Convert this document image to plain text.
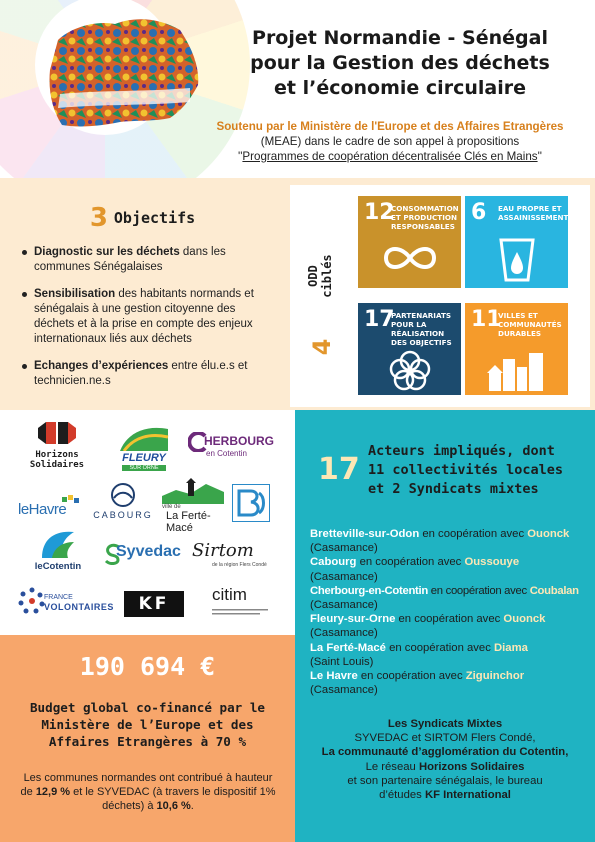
Projet Normandie - Sénégal
pour la Gestion des déchets
et l’économie circulaire
Soutenu par le Ministère de l'Europe et des Affaires Etrangères
(MEAE) dans le cadre de son appel à propositions
''Programmes de coopération décentralisée Clés en Mains''
3 Objectifs
Diagnostic sur les déchets dans les communes Sénégalaises
Sensibilisation des habitants normands et sénégalais à une gestion citoyenne des déchets et à la prise en compte des enjeux internationaux liés aux déchets
Echanges d’expériences entre élu.e.s et technicien.ne.s
ODD ciblés
4
12
CONSOMMATION ET PRODUCTION RESPONSABLES
6 EAU PROPRE ET ASSAINISSEMENT
17
PARTENARIATS POUR LA RÉALISATION DES OBJECTIFS
11
VILLES ET COMMUNAUTÉS DURABLES
Horizons
Solidaires
FLEURY
SUR ORNE
HERBOURG
en Cotentin
leHavre	CABOURG
ville de
La Ferté-Macé
leCotentin
Syvedac Sirtom
de la région Flers Condé
FRANCE
VOLONTAIRES	KF	citim
190 694 €
Budget global co-financé par le Ministère de l’Europe et des Affaires Etrangères à 70 %
Les communes normandes ont contribué à hauteur de 12,9 % et le SYVEDAC (à travers le dispositif 1% déchets) à 10,6 %.
17
Acteurs impliqués, dont
11 collectivités locales
et 2 Syndicats mixtes
Bretteville-sur-Odon en coopération avec Ouonck
(Casamance)
Cabourg en coopération avec Oussouye
(Casamance)
Cherbourg-en-Cotentin en coopération avec Coubalan
(Casamance)
Fleury-sur-Orne en coopération avec Ouonck
(Casamance)
La Ferté-Macé en coopération avec Diama
(Saint Louis)
Le Havre en coopération avec Ziguinchor
(Casamance)
Les Syndicats Mixtes
SYVEDAC et SIRTOM Flers Condé,
La communauté d’agglomération du Cotentin,
Le réseau Horizons Solidaires
et son partenaire sénégalais, le bureau
d’études KF International
